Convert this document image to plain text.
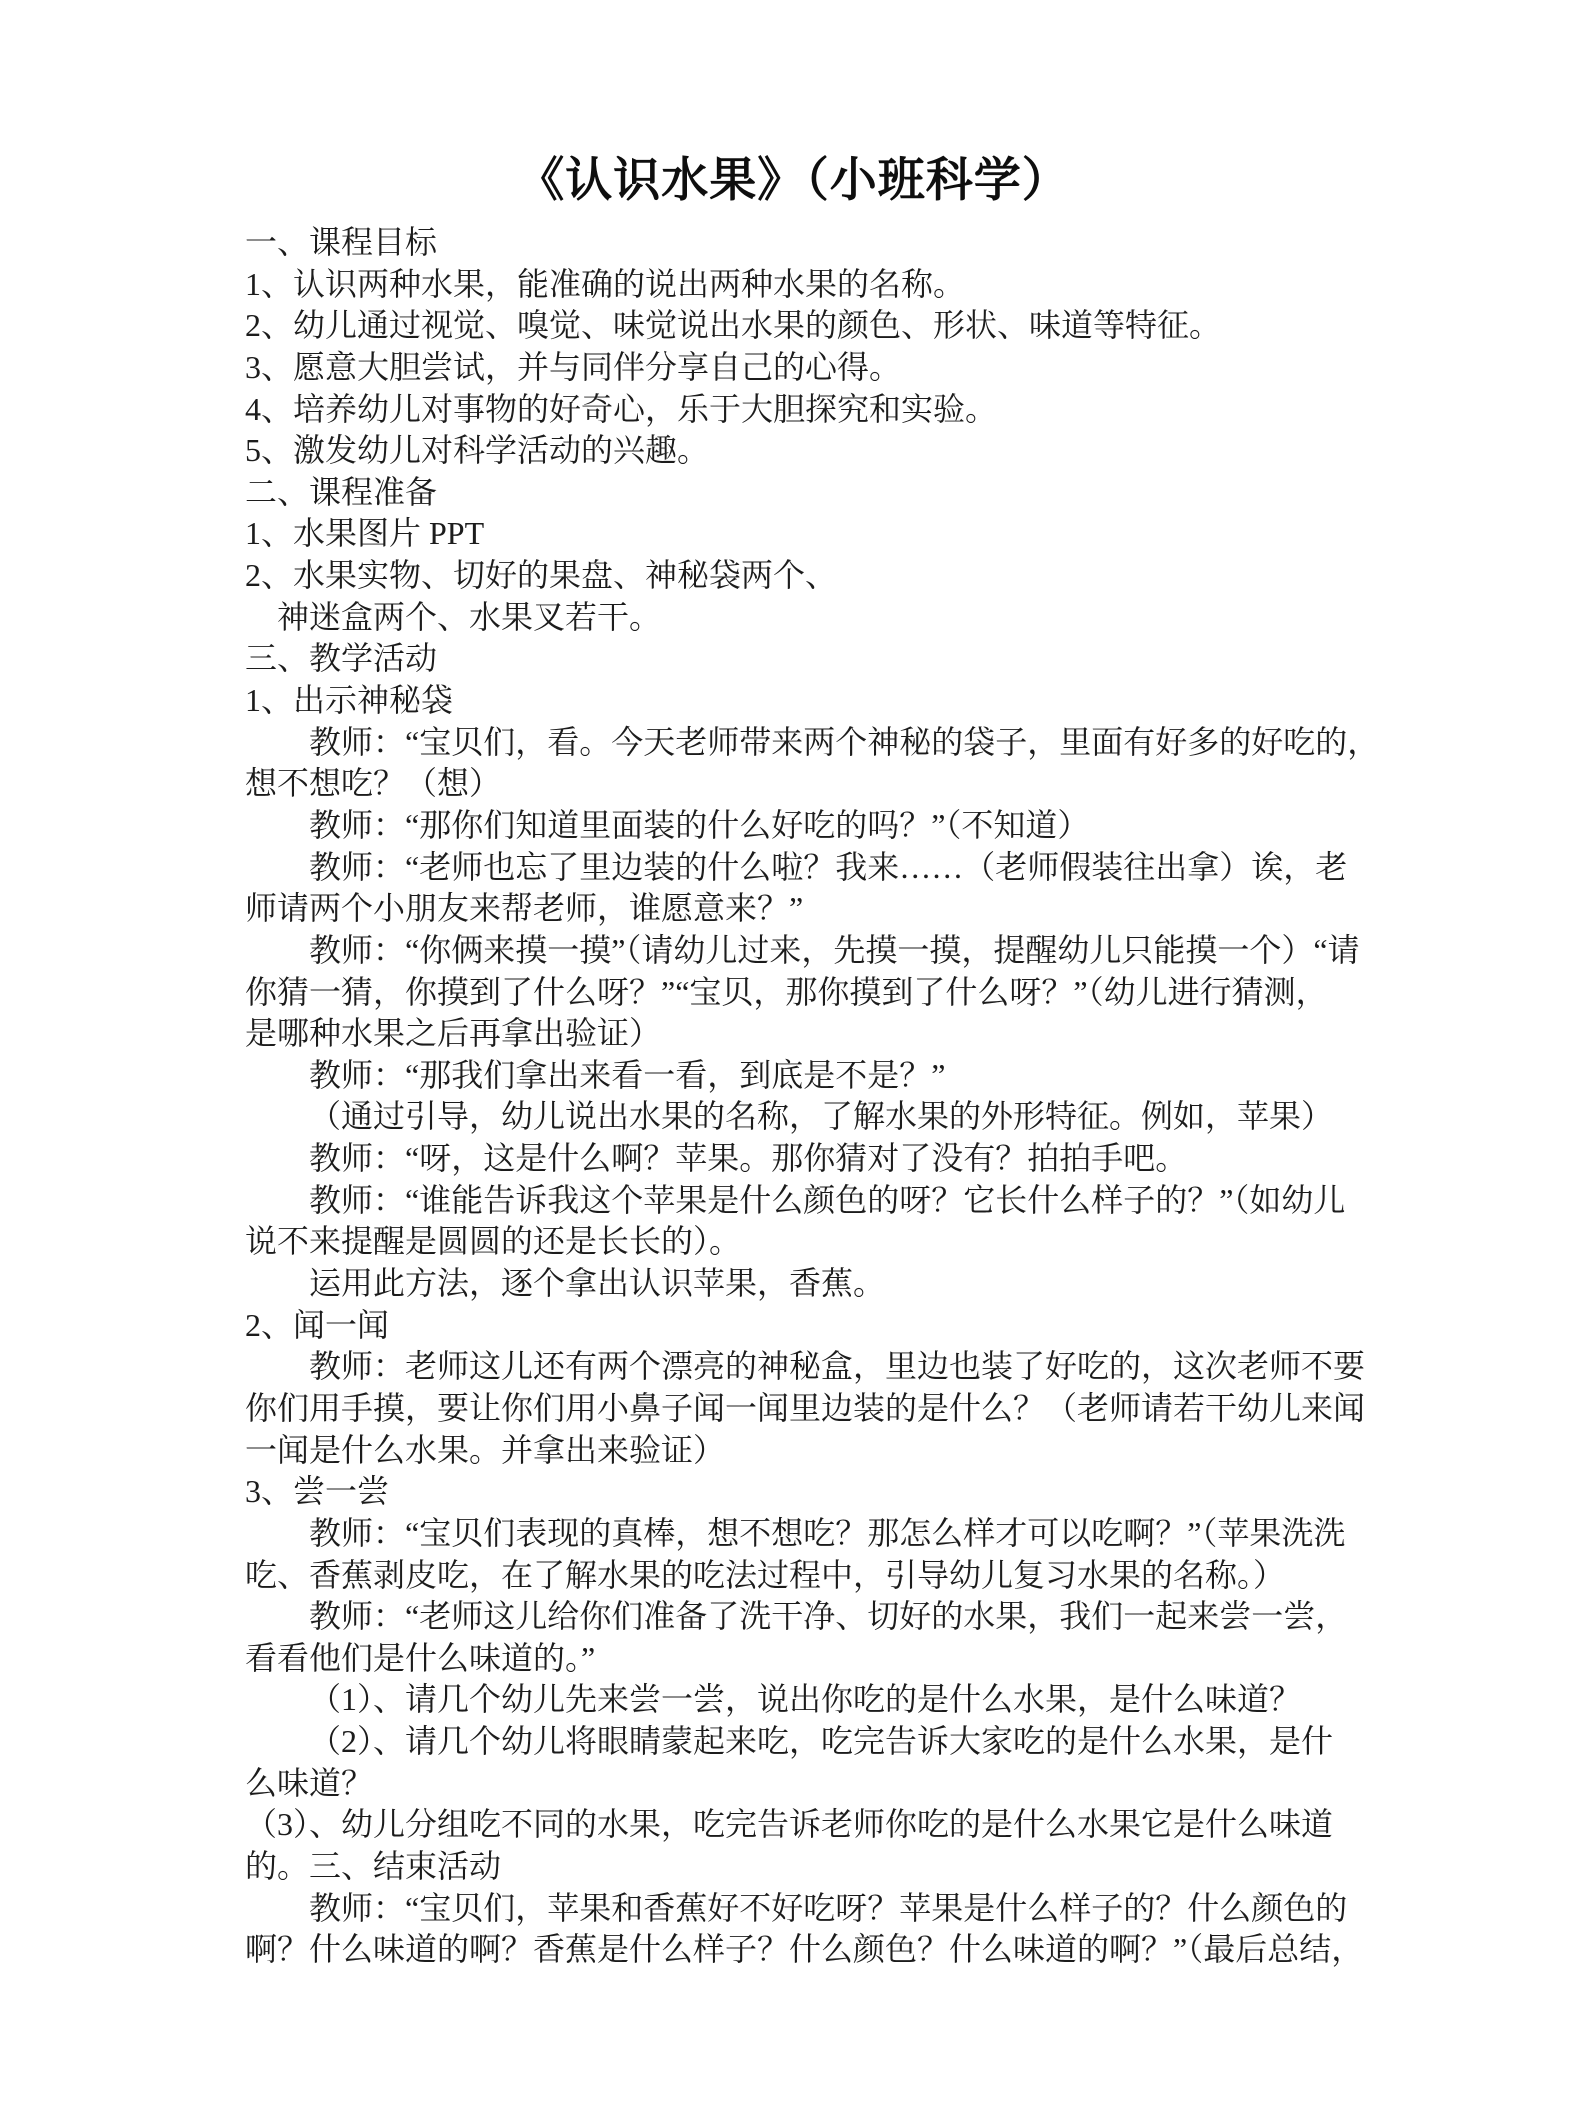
《认识水果》（小班科学）

一、课程目标

1、认识两种水果，能准确的说出两种水果的名称。

2、幼儿通过视觉、嗅觉、味觉说出水果的颜色、形状、味道等特征。

3、愿意大胆尝试，并与同伴分享自己的心得。

4、培养幼儿对事物的好奇心，乐于大胆探究和实验。

5、激发幼儿对科学活动的兴趣。

二、课程准备

1、水果图片 PPT

2、水果实物、切好的果盘、神秘袋两个、

神迷盒两个、水果叉若干。

三、教学活动

1、出示神秘袋

教师：“宝贝们，看。今天老师带来两个神秘的袋子，里面有好多的好吃的，

想不想吃？（想）

教师：“那你们知道里面装的什么好吃的吗？”（不知道）

教师：“老师也忘了里边装的什么啦？我来……（老师假装往出拿）诶，老

师请两个小朋友来帮老师，谁愿意来？”

教师：“你俩来摸一摸”（请幼儿过来，先摸一摸，提醒幼儿只能摸一个）“请

你猜一猜，你摸到了什么呀？”“宝贝，那你摸到了什么呀？”（幼儿进行猜测，

是哪种水果之后再拿出验证）

教师：“那我们拿出来看一看，到底是不是？”

（通过引导，幼儿说出水果的名称，了解水果的外形特征。例如，苹果）

教师：“呀，这是什么啊？苹果。那你猜对了没有？拍拍手吧。

教师：“谁能告诉我这个苹果是什么颜色的呀？它长什么样子的？”（如幼儿

说不来提醒是圆圆的还是长长的）。

运用此方法，逐个拿出认识苹果，香蕉。

2、闻一闻

教师：老师这儿还有两个漂亮的神秘盒，里边也装了好吃的，这次老师不要

你们用手摸，要让你们用小鼻子闻一闻里边装的是什么？（老师请若干幼儿来闻

一闻是什么水果。并拿出来验证）

3、尝一尝

教师：“宝贝们表现的真棒，想不想吃？那怎么样才可以吃啊？”（苹果洗洗

吃、香蕉剥皮吃，在了解水果的吃法过程中，引导幼儿复习水果的名称。）

教师：“老师这儿给你们准备了洗干净、切好的水果，我们一起来尝一尝，

看看他们是什么味道的。”

（1）、请几个幼儿先来尝一尝，说出你吃的是什么水果，是什么味道？

（2）、请几个幼儿将眼睛蒙起来吃，吃完告诉大家吃的是什么水果，是什

么味道？

（3）、幼儿分组吃不同的水果，吃完告诉老师你吃的是什么水果它是什么味道

的。三、结束活动

教师：“宝贝们，苹果和香蕉好不好吃呀？苹果是什么样子的？什么颜色的

啊？什么味道的啊？香蕉是什么样子？什么颜色？什么味道的啊？”（最后总结，
